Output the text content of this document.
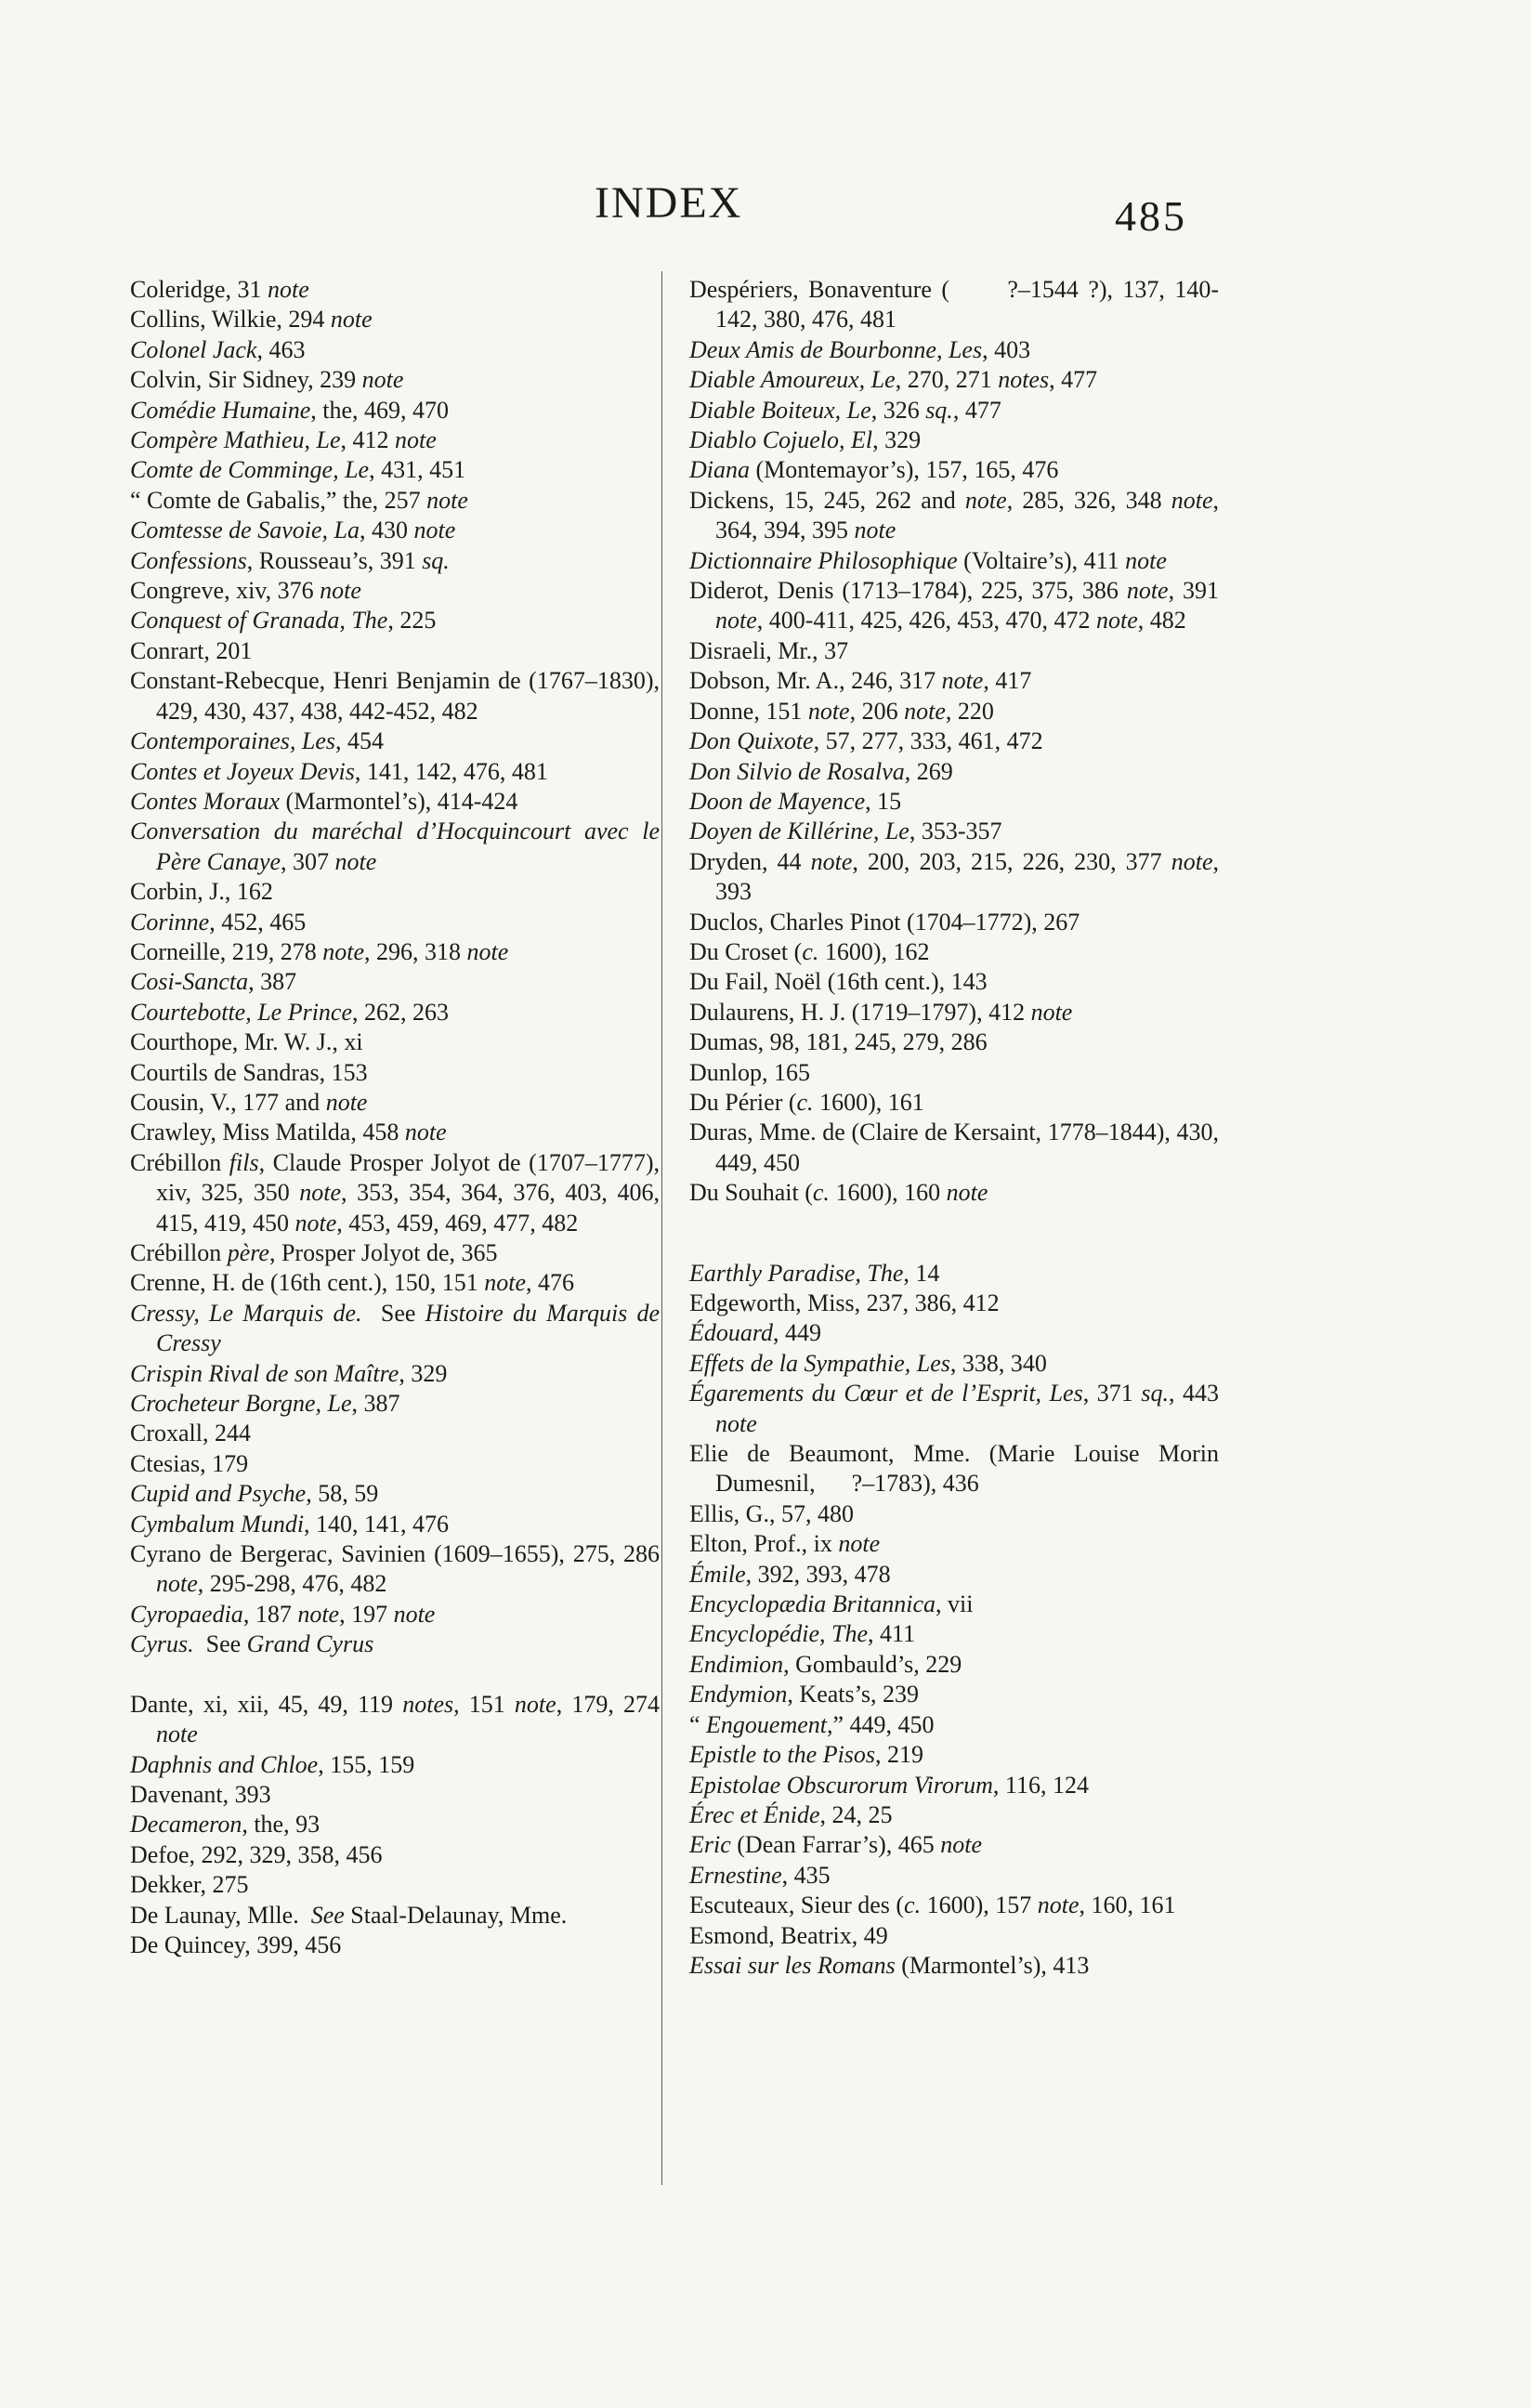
INDEX	485
Coleridge, 31 note
Collins, Wilkie, 294 note
Colonel Jack, 463
Colvin, Sir Sidney, 239 note
Comédie Humaine, the, 469, 470
Compère Mathieu, Le, 412 note
Comte de Comminge, Le, 431, 451
“ Comte de Gabalis,” the, 257 note
Comtesse de Savoie, La, 430 note
Confessions, Rousseau’s, 391 sq.
Congreve, xiv, 376 note
Conquest of Granada, The, 225
Conrart, 201
Constant-Rebecque, Henri Benjamin de (1767–1830), 429, 430, 437, 438, 442-452, 482
Contemporaines, Les, 454
Contes et Joyeux Devis, 141, 142, 476, 481
Contes Moraux (Marmontel’s), 414-424
Conversation du maréchal d’Hocquincourt avec le Père Canaye, 307 note
Corbin, J., 162
Corinne, 452, 465
Corneille, 219, 278 note, 296, 318 note
Cosi-Sancta, 387
Courtebotte, Le Prince, 262, 263
Courthope, Mr. W. J., xi
Courtils de Sandras, 153
Cousin, V., 177 and note
Crawley, Miss Matilda, 458 note
Crébillon fils, Claude Prosper Jolyot de (1707–1777), xiv, 325, 350 note, 353, 354, 364, 376, 403, 406, 415, 419, 450 note, 453, 459, 469, 477, 482
Crébillon père, Prosper Jolyot de, 365
Crenne, H. de (16th cent.), 150, 151 note, 476
Cressy, Le Marquis de.  See Histoire du Marquis de Cressy
Crispin Rival de son Maître, 329
Crocheteur Borgne, Le, 387
Croxall, 244
Ctesias, 179
Cupid and Psyche, 58, 59
Cymbalum Mundi, 140, 141, 476
Cyrano de Bergerac, Savinien (1609–1655), 275, 286 note, 295-298, 476, 482
Cyropaedia, 187 note, 197 note
Cyrus.  See Grand Cyrus
Dante, xi, xii, 45, 49, 119 notes, 151 note, 179, 274 note
Daphnis and Chloe, 155, 159
Davenant, 393
Decameron, the, 93
Defoe, 292, 329, 358, 456
Dekker, 275
De Launay, Mlle.  See Staal-Delaunay, Mme.
De Quincey, 399, 456
Despériers, Bonaventure (      ?–1544 ?), 137, 140-142, 380, 476, 481
Deux Amis de Bourbonne, Les, 403
Diable Amoureux, Le, 270, 271 notes, 477
Diable Boiteux, Le, 326 sq., 477
Diablo Cojuelo, El, 329
Diana (Montemayor’s), 157, 165, 476
Dickens, 15, 245, 262 and note, 285, 326, 348 note, 364, 394, 395 note
Dictionnaire Philosophique (Voltaire’s), 411 note
Diderot, Denis (1713–1784), 225, 375, 386 note, 391 note, 400-411, 425, 426, 453, 470, 472 note, 482
Disraeli, Mr., 37
Dobson, Mr. A., 246, 317 note, 417
Donne, 151 note, 206 note, 220
Don Quixote, 57, 277, 333, 461, 472
Don Silvio de Rosalva, 269
Doon de Mayence, 15
Doyen de Killérine, Le, 353-357
Dryden, 44 note, 200, 203, 215, 226, 230, 377 note, 393
Duclos, Charles Pinot (1704–1772), 267
Du Croset (c. 1600), 162
Du Fail, Noël (16th cent.), 143
Dulaurens, H. J. (1719–1797), 412 note
Dumas, 98, 181, 245, 279, 286
Dunlop, 165
Du Périer (c. 1600), 161
Duras, Mme. de (Claire de Kersaint, 1778–1844), 430, 449, 450
Du Souhait (c. 1600), 160 note
Earthly Paradise, The, 14
Edgeworth, Miss, 237, 386, 412
Édouard, 449
Effets de la Sympathie, Les, 338, 340
Égarements du Cœur et de l’Esprit, Les, 371 sq., 443 note
Elie de Beaumont, Mme. (Marie Louise Morin Dumesnil,      ?–1783), 436
Ellis, G., 57, 480
Elton, Prof., ix note
Émile, 392, 393, 478
Encyclopædia Britannica, vii
Encyclopédie, The, 411
Endimion, Gombauld’s, 229
Endymion, Keats’s, 239
“ Engouement,” 449, 450
Epistle to the Pisos, 219
Epistolae Obscurorum Virorum, 116, 124
Érec et Énide, 24, 25
Eric (Dean Farrar’s), 465 note
Ernestine, 435
Escuteaux, Sieur des (c. 1600), 157 note, 160, 161
Esmond, Beatrix, 49
Essai sur les Romans (Marmontel’s), 413
